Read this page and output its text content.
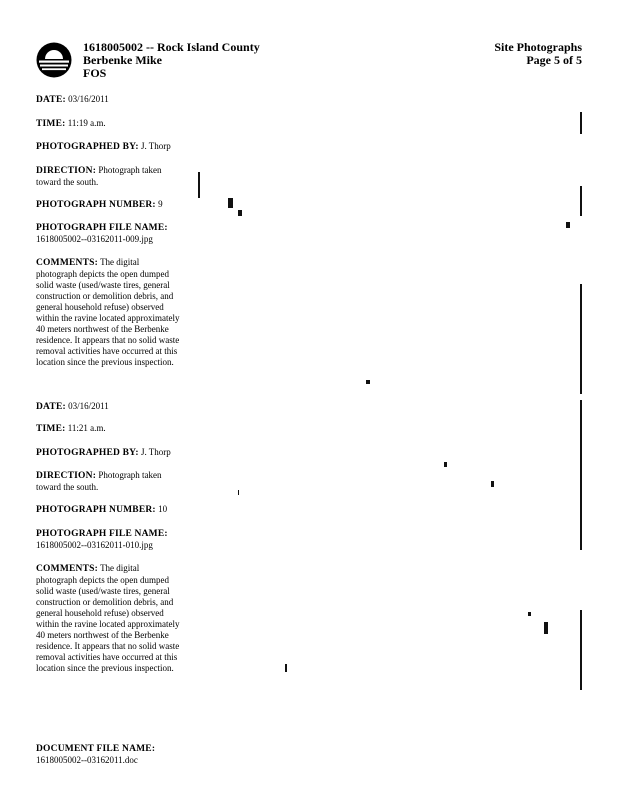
1618005002 -- Rock Island County
Berbenke Mike
FOS
Site Photographs
Page 5 of 5
DATE: 03/16/2011
TIME: 11:19 a.m.
PHOTOGRAPHED BY: J. Thorp
DIRECTION: Photograph taken toward the south.
PHOTOGRAPH NUMBER: 9
PHOTOGRAPH FILE NAME:
1618005002--03162011-009.jpg
COMMENTS: The digital photograph depicts the open dumped solid waste (used/waste tires, general construction or demolition debris, and general household refuse) observed within the ravine located approximately 40 meters northwest of the Berbenke residence. It appears that no solid waste removal activities have occurred at this location since the previous inspection.
DATE: 03/16/2011
TIME: 11:21 a.m.
PHOTOGRAPHED BY: J. Thorp
DIRECTION: Photograph taken toward the south.
PHOTOGRAPH NUMBER: 10
PHOTOGRAPH FILE NAME:
1618005002--03162011-010.jpg
COMMENTS: The digital photograph depicts the open dumped solid waste (used/waste tires, general construction or demolition debris, and general household refuse) observed within the ravine located approximately 40 meters northwest of the Berbenke residence. It appears that no solid waste removal activities have occurred at this location since the previous inspection.
DOCUMENT FILE NAME:
1618005002--03162011.doc
